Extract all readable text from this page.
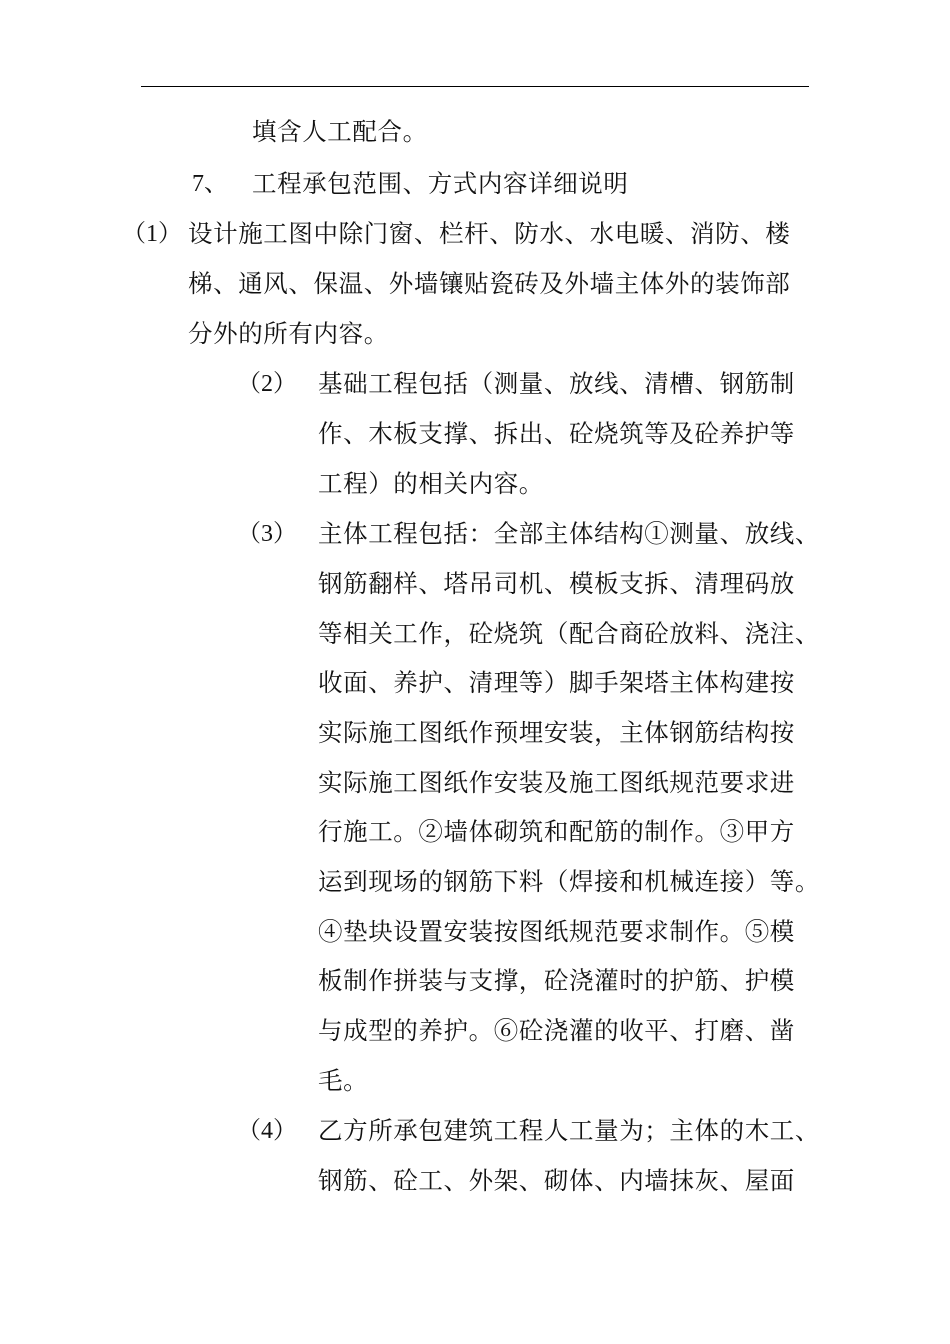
填含人工配合。

7、 工程承包范围、方式内容详细说明
（1） 设计施工图中除门窗、栏杆、防水、水电暖、消防、楼

梯、通风、保温、外墙镶贴瓷砖及外墙主体外的装饰部

分外的所有内容。

（2） 基础工程包括（测量、放线、清槽、钢筋制

作、木板支撑、拆出、砼烧筑等及砼养护等

工程）的相关内容。

（3） 主体工程包括：全部主体结构①测量、放线、

钢筋翻样、塔吊司机、模板支拆、清理码放

等相关工作，砼烧筑（配合商砼放料、浇注、

收面、养护、清理等）脚手架塔主体构建按

实际施工图纸作预埋安装，主体钢筋结构按

实际施工图纸作安装及施工图纸规范要求进

行施工。②墙体砌筑和配筋的制作。③甲方

运到现场的钢筋下料（焊接和机械连接）等。

④垫块设置安装按图纸规范要求制作。⑤模

板制作拼装与支撑，砼浇灌时的护筋、护模

与成型的养护。⑥砼浇灌的收平、打磨、凿

毛。

（4） 乙方所承包建筑工程人工量为；主体的木工、

钢筋、砼工、外架、砌体、内墙抹灰、屋面
